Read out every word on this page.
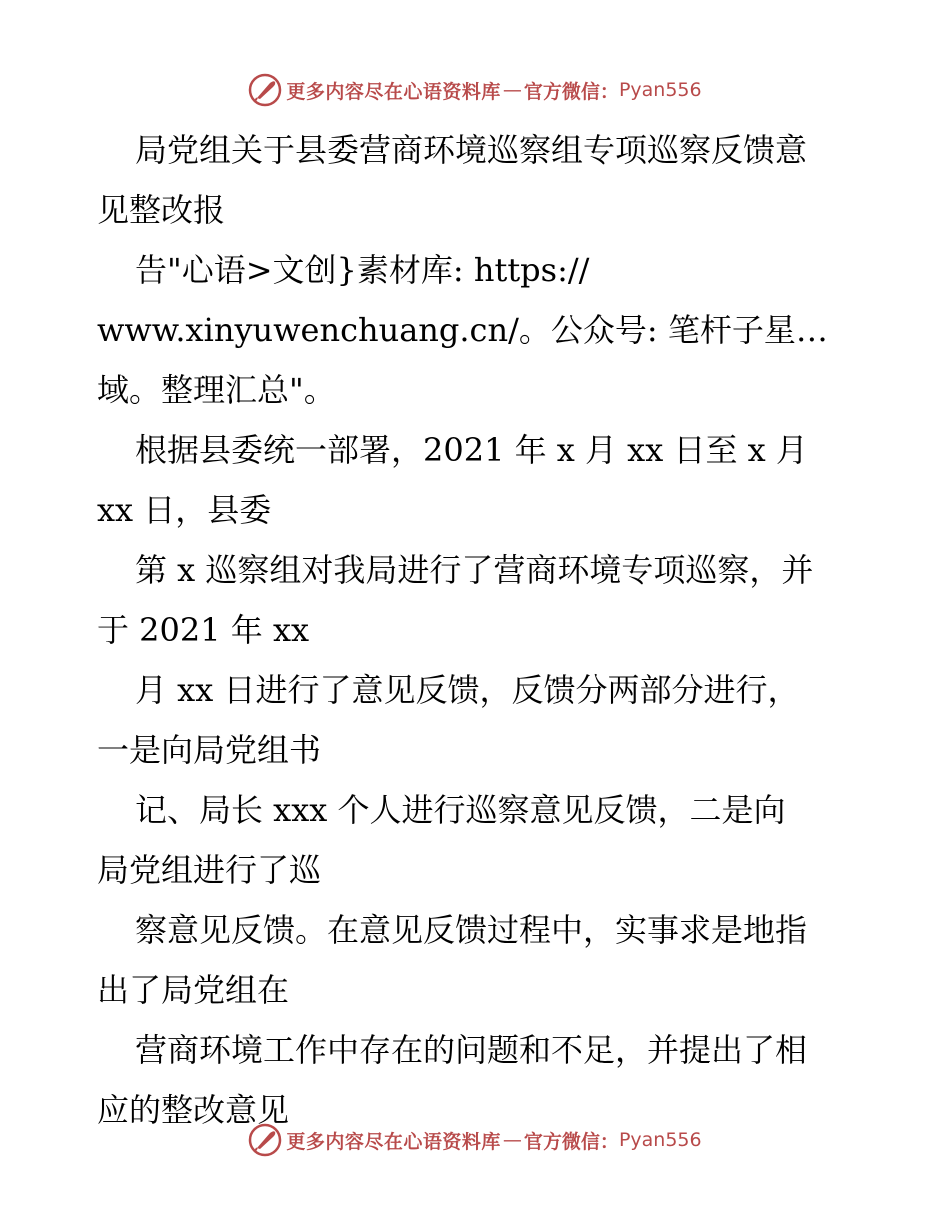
更多内容尽在心语资料库 — 官方微信： Pyan556
局党组关于县委营商环境巡察组专项巡察反馈意
见整改报
告"心语>文创}素材库: https://
www.xinyuwenchuang.cn/。公众号: 笔杆子星…
域。整理汇总"。
根据县委统一部署，2021 年 x 月 xx 日至 x 月
xx 日，县委
第 x 巡察组对我局进行了营商环境专项巡察，并
于 2021 年 xx
月 xx 日进行了意见反馈，反馈分两部分进行，
一是向局党组书
记、局长 xxx 个人进行巡察意见反馈，二是向
局党组进行了巡
察意见反馈。在意见反馈过程中，实事求是地指
出了局党组在
营商环境工作中存在的问题和不足，并提出了相
应的整改意见
更多内容尽在心语资料库 — 官方微信： Pyan556
